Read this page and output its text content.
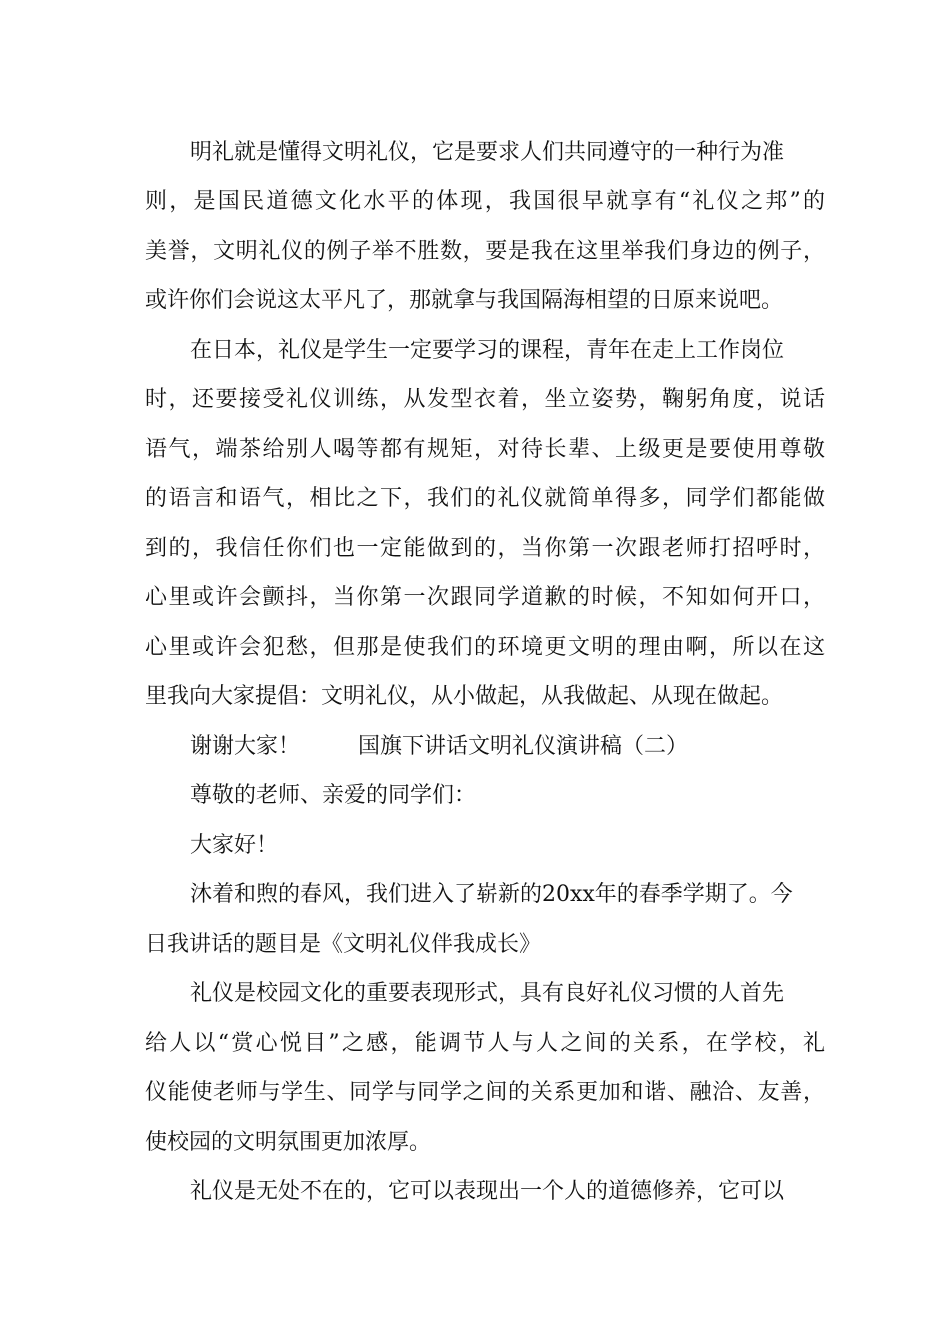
明礼就是懂得文明礼仪，它是要求人们共同遵守的一种行为准
则，是国民道德文化水平的体现，我国很早就享有“礼仪之邦”的
美誉，文明礼仪的例子举不胜数，要是我在这里举我们身边的例子，
或许你们会说这太平凡了，那就拿与我国隔海相望的日原来说吧。
在日本，礼仪是学生一定要学习的课程，青年在走上工作岗位
时，还要接受礼仪训练，从发型衣着，坐立姿势，鞠躬角度，说话
语气，端茶给别人喝等都有规矩，对待长辈、上级更是要使用尊敬
的语言和语气，相比之下，我们的礼仪就简单得多，同学们都能做
到的，我信任你们也一定能做到的，当你第一次跟老师打招呼时，
心里或许会颤抖，当你第一次跟同学道歉的时候，不知如何开口，
心里或许会犯愁，但那是使我们的环境更文明的理由啊，所以在这
里我向大家提倡：文明礼仪，从小做起，从我做起、从现在做起。
谢谢大家！	国旗下讲话文明礼仪演讲稿（二）
尊敬的老师、亲爱的同学们：
大家好！
沐着和煦的春风，我们进入了崭新的20xx年的春季学期了。今
日我讲话的题目是《文明礼仪伴我成长》
礼仪是校园文化的重要表现形式，具有良好礼仪习惯的人首先
给人以“赏心悦目”之感，能调节人与人之间的关系，在学校，礼
仪能使老师与学生、同学与同学之间的关系更加和谐、融洽、友善，
使校园的文明氛围更加浓厚。
礼仪是无处不在的，它可以表现出一个人的道德修养，它可以
